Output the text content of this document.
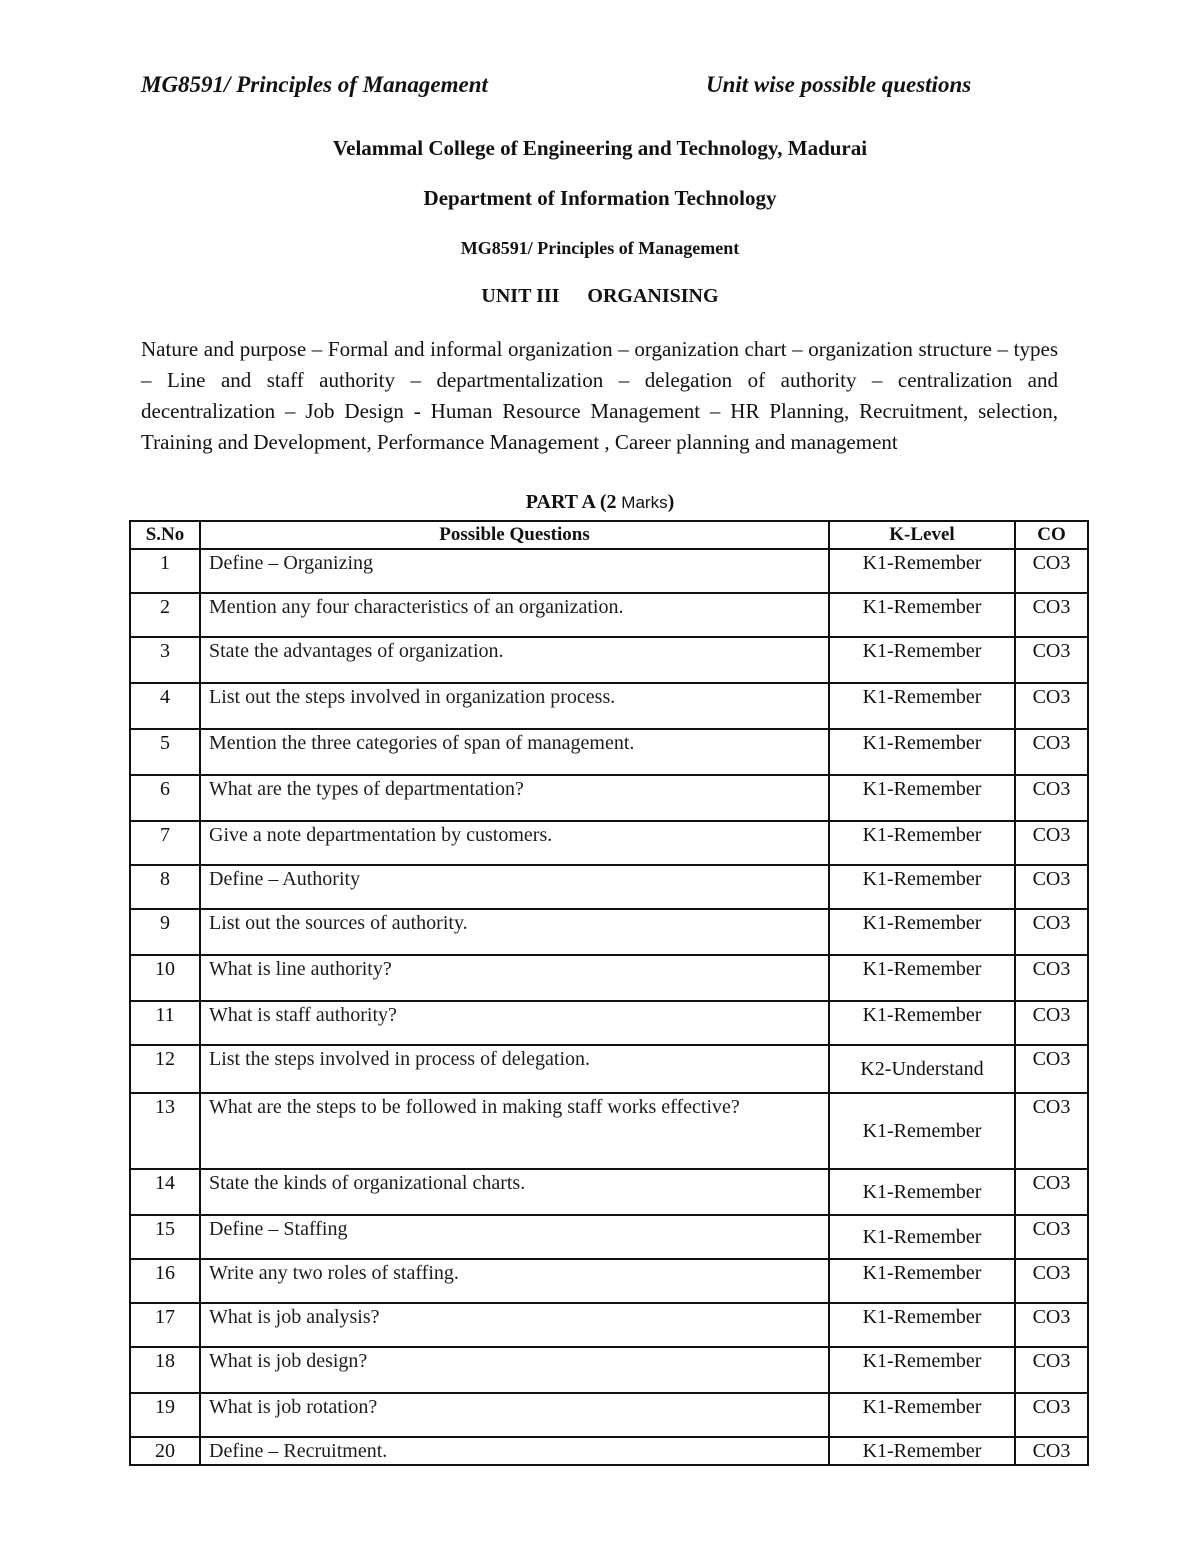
MG8591/ Principles of Management	Unit wise possible questions
Velammal College of Engineering and Technology, Madurai
Department of Information Technology
MG8591/ Principles of Management
UNIT III ORGANISING
Nature and purpose – Formal and informal organization – organization chart – organization structure – types – Line and staff authority – departmentalization – delegation of authority – centralization and decentralization – Job Design - Human Resource Management – HR Planning, Recruitment, selection, Training and Development, Performance Management , Career planning and management
PART A (2 Marks)
S.No	Possible Questions	K-Level	CO
1	Define – Organizing	K1-Remember	CO3
2	Mention any four characteristics of an organization.	K1-Remember	CO3
3	State the advantages of organization.	K1-Remember	CO3
4	List out the steps involved in organization process.	K1-Remember	CO3
5	Mention the three categories of span of management.	K1-Remember	CO3
6	What are the types of departmentation?	K1-Remember	CO3
7	Give a note departmentation by customers.	K1-Remember	CO3
8	Define – Authority	K1-Remember	CO3
9	List out the sources of authority.	K1-Remember	CO3
10	What is line authority?	K1-Remember	CO3
11	What is staff authority?	K1-Remember	CO3
12	List the steps involved in process of delegation.	K2-Understand	CO3
13	What are the steps to be followed in making staff works effective?	K1-Remember	CO3
14	State the kinds of organizational charts.	K1-Remember	CO3
15	Define – Staffing	K1-Remember	CO3
16	Write any two roles of staffing.	K1-Remember	CO3
17	What is job analysis?	K1-Remember	CO3
18	What is job design?	K1-Remember	CO3
19	What is job rotation?	K1-Remember	CO3
20	Define – Recruitment.	K1-Remember	CO3
